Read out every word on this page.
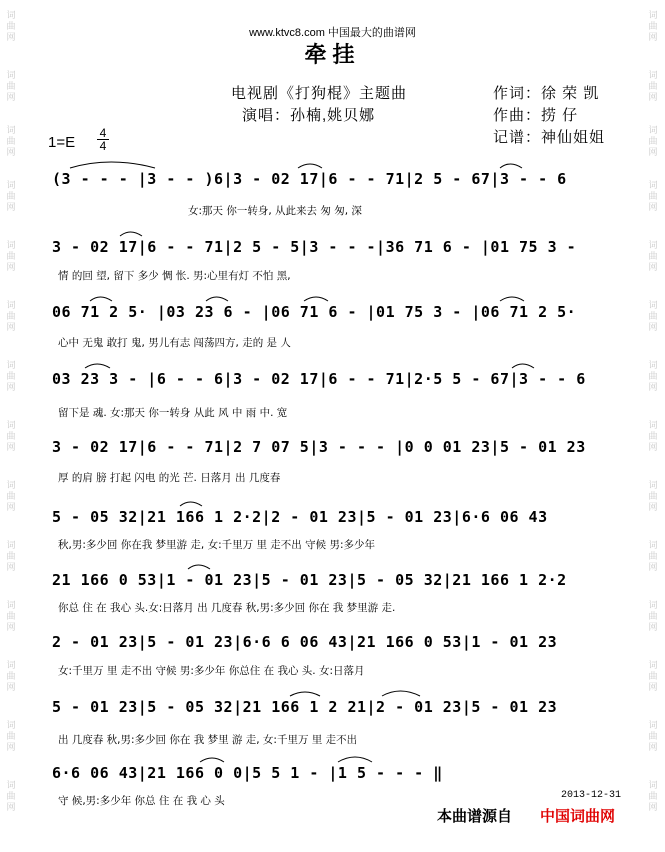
www.ktvc8.com 中国最大的曲谱网
牵挂
电视剧《打狗棍》主题曲
演唱：孙楠,姚贝娜
作词：徐 荣 凯
作曲：捞 仔
记谱：神仙姐姐
1=E
4
4
词
曲
网
词
曲
网
词
曲
网
词
曲
网
词
曲
网
词
曲
网
词
曲
网
词
曲
网
词
曲
网
词
曲
网
词
曲
网
词
曲
网
词
曲
网
词
曲
网
词
曲
网
词
曲
网
词
曲
网
词
曲
网
词
曲
网
词
曲
网
词
曲
网
词
曲
网
词
曲
网
词
曲
网
词
曲
网
词
曲
网
词
曲
网
词
曲
网
(3 - - - |3 - - )6|3 - 02 17|6 - - 71|2 5 - 67|3 - - 6
女:那天 你一转身, 从此来去 匆 匆, 深
3 - 02 17|6 - - 71|2 5 - 5|3 - - -|36 71 6 - |01 75 3 -
情 的回 望, 留下 多少 惆 怅. 男:心里有灯 不怕 黑,
06 71 2 5· |03 23 6 - |06 71 6 - |01 75 3 - |06 71 2 5·
心中 无鬼 敢打 鬼, 男儿有志 闯荡四方, 走的 是 人
03 23 3 - |6 - - 6|3 - 02 17|6 - - 71|2·5 5 - 67|3 - - 6
留下是 魂. 女:那天 你一转身 从此 风 中 雨 中. 宽
3 - 02 17|6 - - 71|2 7 07 5|3 - - - |0 0 01 23|5 - 01 23
厚 的肩 膀 打起 闪电 的光 芒. 日落月 出 几度春
5 - 05 32|21 166 1 2·2|2 - 01 23|5 - 01 23|6·6 06 43
秋,男:多少回 你在我 梦里游 走, 女:千里万 里 走不出 守候 男:多少年
21 166 0 53|1 - 01 23|5 - 01 23|5 - 05 32|21 166 1 2·2
你总 住 在 我心 头.女:日落月 出 几度春 秋,男:多少回 你在 我 梦里游 走.
2 - 01 23|5 - 01 23|6·6 6 06 43|21 166 0 53|1 - 01 23
女:千里万 里 走不出 守候 男:多少年 你总住 在 我心 头. 女:日落月
5 - 01 23|5 - 05 32|21 166 1 2 21|2 - 01 23|5 - 01 23
出 几度春 秋,男:多少回 你在 我 梦里 游 走, 女:千里万 里 走不出
6·6 06 43|21 166 0 0|5 5 1 - |1 5 - - - ‖
守 候,男:多少年 你总 住 在 我 心 头	2013-12-31
本曲谱源自 中国词曲网
